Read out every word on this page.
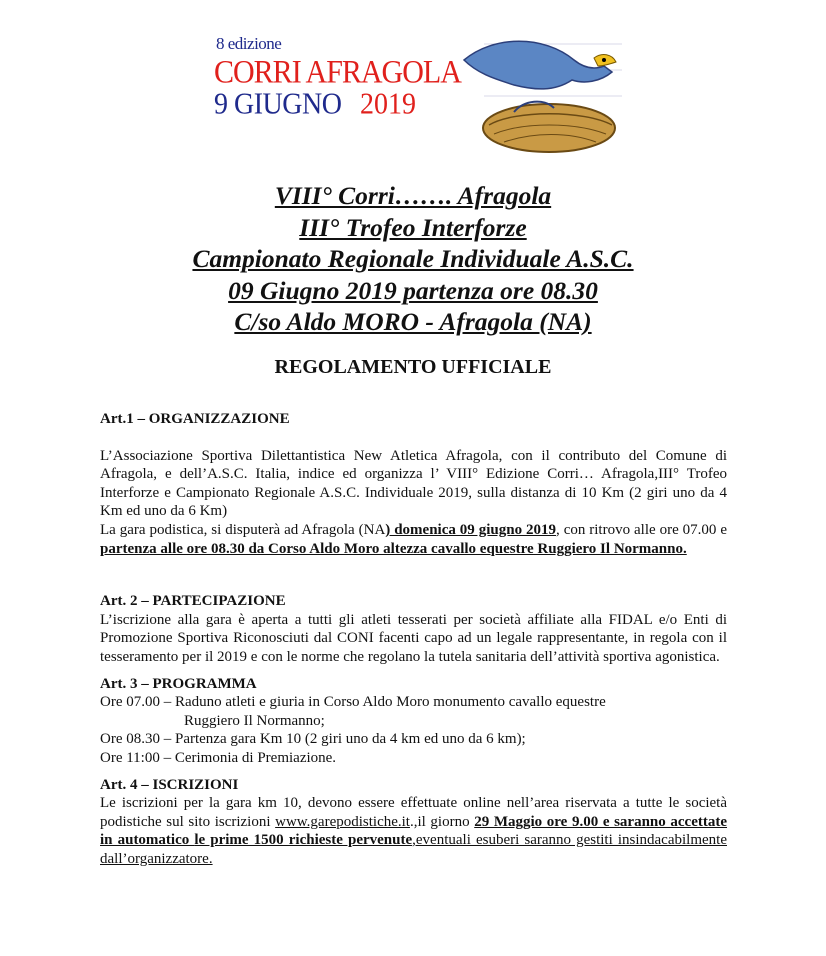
8 edizione
CORRI AFRAGOLA
9 GIUGNO 2019
VIII° Corri……. Afragola
III° Trofeo Interforze
Campionato Regionale Individuale A.S.C.
09 Giugno 2019 partenza ore 08.30
C/so Aldo MORO - Afragola (NA)
REGOLAMENTO UFFICIALE
Art.1 – ORGANIZZAZIONE
L’Associazione Sportiva Dilettantistica New Atletica Afragola, con il contributo del Comune di Afragola, e dell’A.S.C. Italia, indice ed organizza l’ VIII° Edizione Corri… Afragola,III° Trofeo Interforze e Campionato Regionale A.S.C. Individuale 2019, sulla distanza di 10 Km (2 giri uno da 4 Km ed uno da 6 Km)
La gara podistica, si disputerà ad Afragola (NA) domenica 09 giugno 2019, con ritrovo alle ore 07.00 e partenza alle ore 08.30 da Corso Aldo Moro altezza cavallo equestre Ruggiero Il Normanno.
Art. 2 – PARTECIPAZIONE
L’iscrizione alla gara è aperta a tutti gli atleti tesserati per società affiliate alla FIDAL e/o Enti di Promozione Sportiva Riconosciuti dal CONI facenti capo ad un legale rappresentante, in regola con il tesseramento per il 2019 e con le norme che regolano la tutela sanitaria dell’attività sportiva agonistica.
Art. 3 – PROGRAMMA
Ore 07.00 – Raduno atleti e giuria in Corso Aldo Moro monumento cavallo equestre
Ruggiero Il Normanno;
Ore 08.30 – Partenza gara Km 10 (2 giri uno da 4 km ed uno da 6 km);
Ore 11:00 – Cerimonia di Premiazione.
Art. 4 – ISCRIZIONI
Le iscrizioni per la gara km 10, devono essere effettuate online nell’area riservata a tutte le società podistiche sul sito iscrizioni www.garepodistiche.it.,il giorno 29 Maggio ore 9.00 e saranno accettate in automatico le prime 1500 richieste pervenute,eventuali esuberi saranno gestiti insindacabilmente dall’organizzatore.
